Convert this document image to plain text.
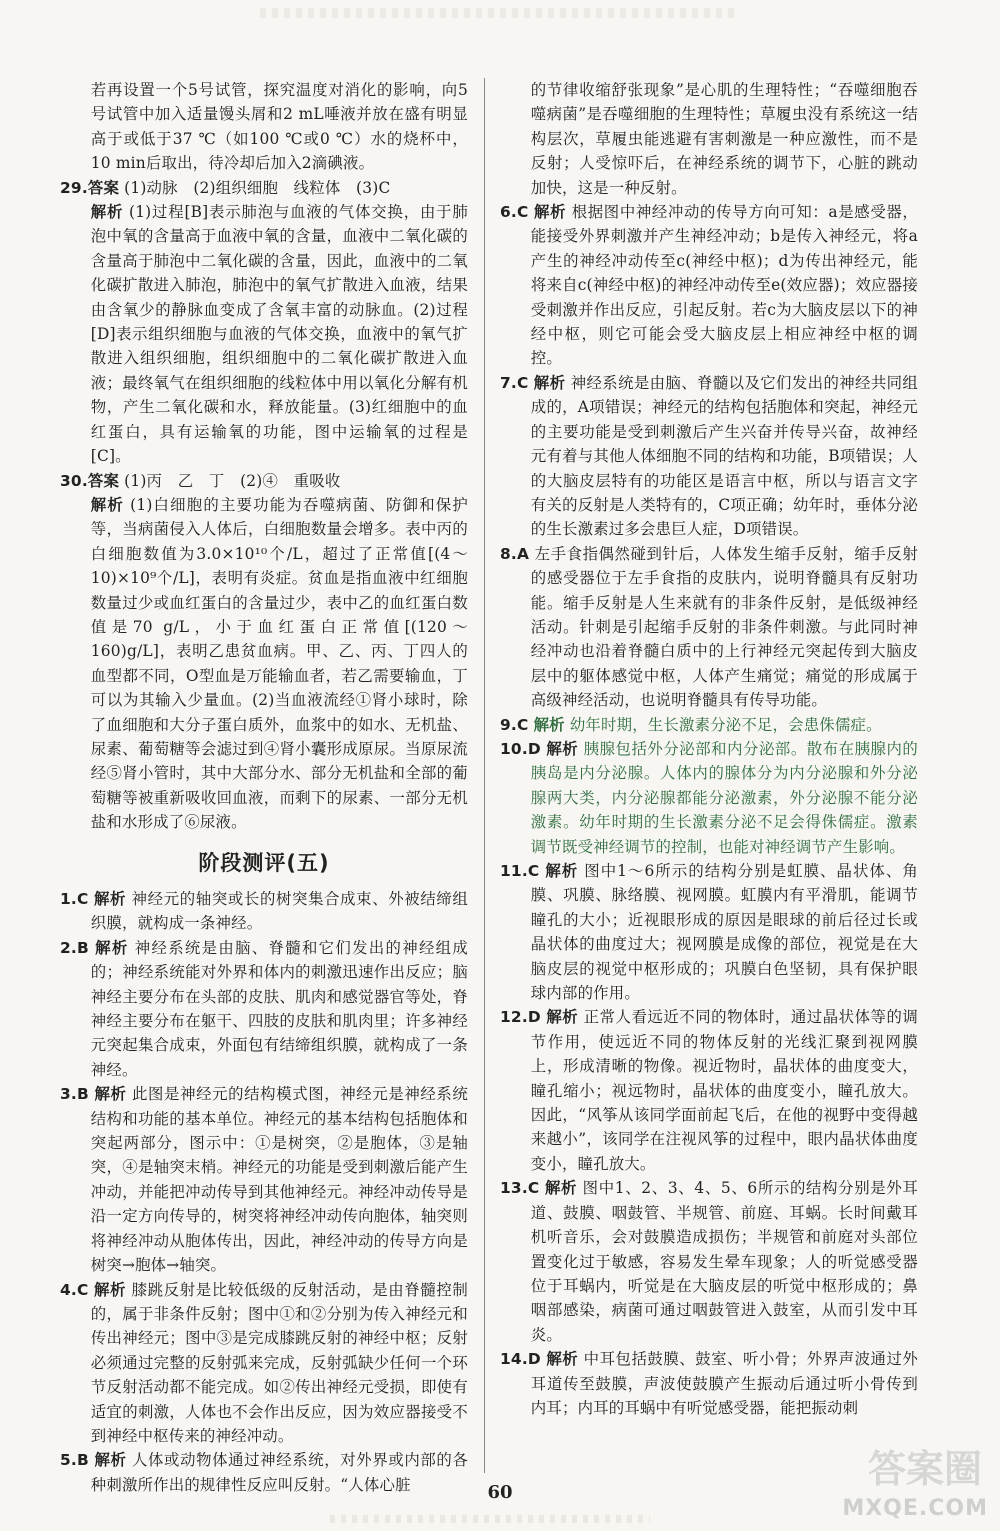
若再设置一个5号试管，探究温度对消化的影响，向5号试管中加入适量馒头屑和2 mL唾液并放在盛有明显高于或低于37 ℃（如100 ℃或0 ℃）水的烧杯中，10 min后取出，待冷却后加入2滴碘液。

29.答案 (1)动脉　(2)组织细胞　线粒体　(3)C

解析 (1)过程[B]表示肺泡与血液的气体交换，由于肺泡中氧的含量高于血液中氧的含量，血液中二氧化碳的含量高于肺泡中二氧化碳的含量，因此，血液中的二氧化碳扩散进入肺泡，肺泡中的氧气扩散进入血液，结果由含氧少的静脉血变成了含氧丰富的动脉血。(2)过程[D]表示组织细胞与血液的气体交换，血液中的氧气扩散进入组织细胞，组织细胞中的二氧化碳扩散进入血液；最终氧气在组织细胞的线粒体中用以氧化分解有机物，产生二氧化碳和水，释放能量。(3)红细胞中的血红蛋白，具有运输氧的功能，图中运输氧的过程是[C]。

30.答案 (1)丙　乙　丁　(2)④　重吸收

解析 (1)白细胞的主要功能为吞噬病菌、防御和保护等，当病菌侵入人体后，白细胞数量会增多。表中丙的白细胞数值为3.0×10¹⁰个/L，超过了正常值[(4～10)×10⁹个/L]，表明有炎症。贫血是指血液中红细胞数量过少或血红蛋白的含量过少，表中乙的血红蛋白数值是70 g/L，小于血红蛋白正常值[(120～160)g/L]，表明乙患贫血病。甲、乙、丙、丁四人的血型都不同，O型血是万能输血者，若乙需要输血，丁可以为其输入少量血。(2)当血液流经①肾小球时，除了血细胞和大分子蛋白质外，血浆中的如水、无机盐、尿素、葡萄糖等会滤过到④肾小囊形成原尿。当原尿流经⑤肾小管时，其中大部分水、部分无机盐和全部的葡萄糖等被重新吸收回血液，而剩下的尿素、一部分无机盐和水形成了⑥尿液。

阶段测评(五)

1.C 解析 神经元的轴突或长的树突集合成束、外被结缔组织膜，就构成一条神经。

2.B 解析 神经系统是由脑、脊髓和它们发出的神经组成的；神经系统能对外界和体内的刺激迅速作出反应；脑神经主要分布在头部的皮肤、肌肉和感觉器官等处，脊神经主要分布在躯干、四肢的皮肤和肌肉里；许多神经元突起集合成束，外面包有结缔组织膜，就构成了一条神经。

3.B 解析 此图是神经元的结构模式图，神经元是神经系统结构和功能的基本单位。神经元的基本结构包括胞体和突起两部分，图示中：①是树突，②是胞体，③是轴突，④是轴突末梢。神经元的功能是受到刺激后能产生冲动，并能把冲动传导到其他神经元。神经冲动传导是沿一定方向传导的，树突将神经冲动传向胞体，轴突则将神经冲动从胞体传出，因此，神经冲动的传导方向是树突→胞体→轴突。

4.C 解析 膝跳反射是比较低级的反射活动，是由脊髓控制的，属于非条件反射；图中①和②分别为传入神经元和传出神经元；图中③是完成膝跳反射的神经中枢；反射必须通过完整的反射弧来完成，反射弧缺少任何一个环节反射活动都不能完成。如②传出神经元受损，即使有适宜的刺激，人体也不会作出反应，因为效应器接受不到神经中枢传来的神经冲动。

5.B 解析 人体或动物体通过神经系统，对外界或内部的各种刺激所作出的规律性反应叫反射。“人体心脏

的节律收缩舒张现象”是心肌的生理特性；“吞噬细胞吞噬病菌”是吞噬细胞的生理特性；草履虫没有系统这一结构层次，草履虫能逃避有害刺激是一种应激性，而不是反射；人受惊吓后，在神经系统的调节下，心脏的跳动加快，这是一种反射。

6.C 解析 根据图中神经冲动的传导方向可知：a是感受器，能接受外界刺激并产生神经冲动；b是传入神经元，将a产生的神经冲动传至c(神经中枢)；d为传出神经元，能将来自c(神经中枢)的神经冲动传至e(效应器)；效应器接受刺激并作出反应，引起反射。若c为大脑皮层以下的神经中枢，则它可能会受大脑皮层上相应神经中枢的调控。

7.C 解析 神经系统是由脑、脊髓以及它们发出的神经共同组成的，A项错误；神经元的结构包括胞体和突起，神经元的主要功能是受到刺激后产生兴奋并传导兴奋，故神经元有着与其他人体细胞不同的结构和功能，B项错误；人的大脑皮层特有的功能区是语言中枢，所以与语言文字有关的反射是人类特有的，C项正确；幼年时，垂体分泌的生长激素过多会患巨人症，D项错误。

8.A 左手食指偶然碰到针后，人体发生缩手反射，缩手反射的感受器位于左手食指的皮肤内，说明脊髓具有反射功能。缩手反射是人生来就有的非条件反射，是低级神经活动。针刺是引起缩手反射的非条件刺激。与此同时神经冲动也沿着脊髓白质中的上行神经元突起传到大脑皮层中的躯体感觉中枢，人体产生痛觉；痛觉的形成属于高级神经活动，也说明脊髓具有传导功能。

9.C 解析 幼年时期，生长激素分泌不足，会患侏儒症。

10.D 解析 胰腺包括外分泌部和内分泌部。散布在胰腺内的胰岛是内分泌腺。人体内的腺体分为内分泌腺和外分泌腺两大类，内分泌腺都能分泌激素，外分泌腺不能分泌激素。幼年时期的生长激素分泌不足会得侏儒症。激素调节既受神经调节的控制，也能对神经调节产生影响。

11.C 解析 图中1～6所示的结构分别是虹膜、晶状体、角膜、巩膜、脉络膜、视网膜。虹膜内有平滑肌，能调节瞳孔的大小；近视眼形成的原因是眼球的前后径过长或晶状体的曲度过大；视网膜是成像的部位，视觉是在大脑皮层的视觉中枢形成的；巩膜白色坚韧，具有保护眼球内部的作用。

12.D 解析 正常人看远近不同的物体时，通过晶状体等的调节作用，使远近不同的物体反射的光线汇聚到视网膜上，形成清晰的物像。视近物时，晶状体的曲度变大，瞳孔缩小；视远物时，晶状体的曲度变小，瞳孔放大。因此，“风筝从该同学面前起飞后，在他的视野中变得越来越小”，该同学在注视风筝的过程中，眼内晶状体曲度变小，瞳孔放大。

13.C 解析 图中1、2、3、4、5、6所示的结构分别是外耳道、鼓膜、咽鼓管、半规管、前庭、耳蜗。长时间戴耳机听音乐，会对鼓膜造成损伤；半规管和前庭对头部位置变化过于敏感，容易发生晕车现象；人的听觉感受器位于耳蜗内，听觉是在大脑皮层的听觉中枢形成的；鼻咽部感染，病菌可通过咽鼓管进入鼓室，从而引发中耳炎。

14.D 解析 中耳包括鼓膜、鼓室、听小骨；外界声波通过外耳道传至鼓膜，声波使鼓膜产生振动后通过听小骨传到内耳；内耳的耳蜗中有听觉感受器，能把振动刺

60
答案圈
MXQE.COM
